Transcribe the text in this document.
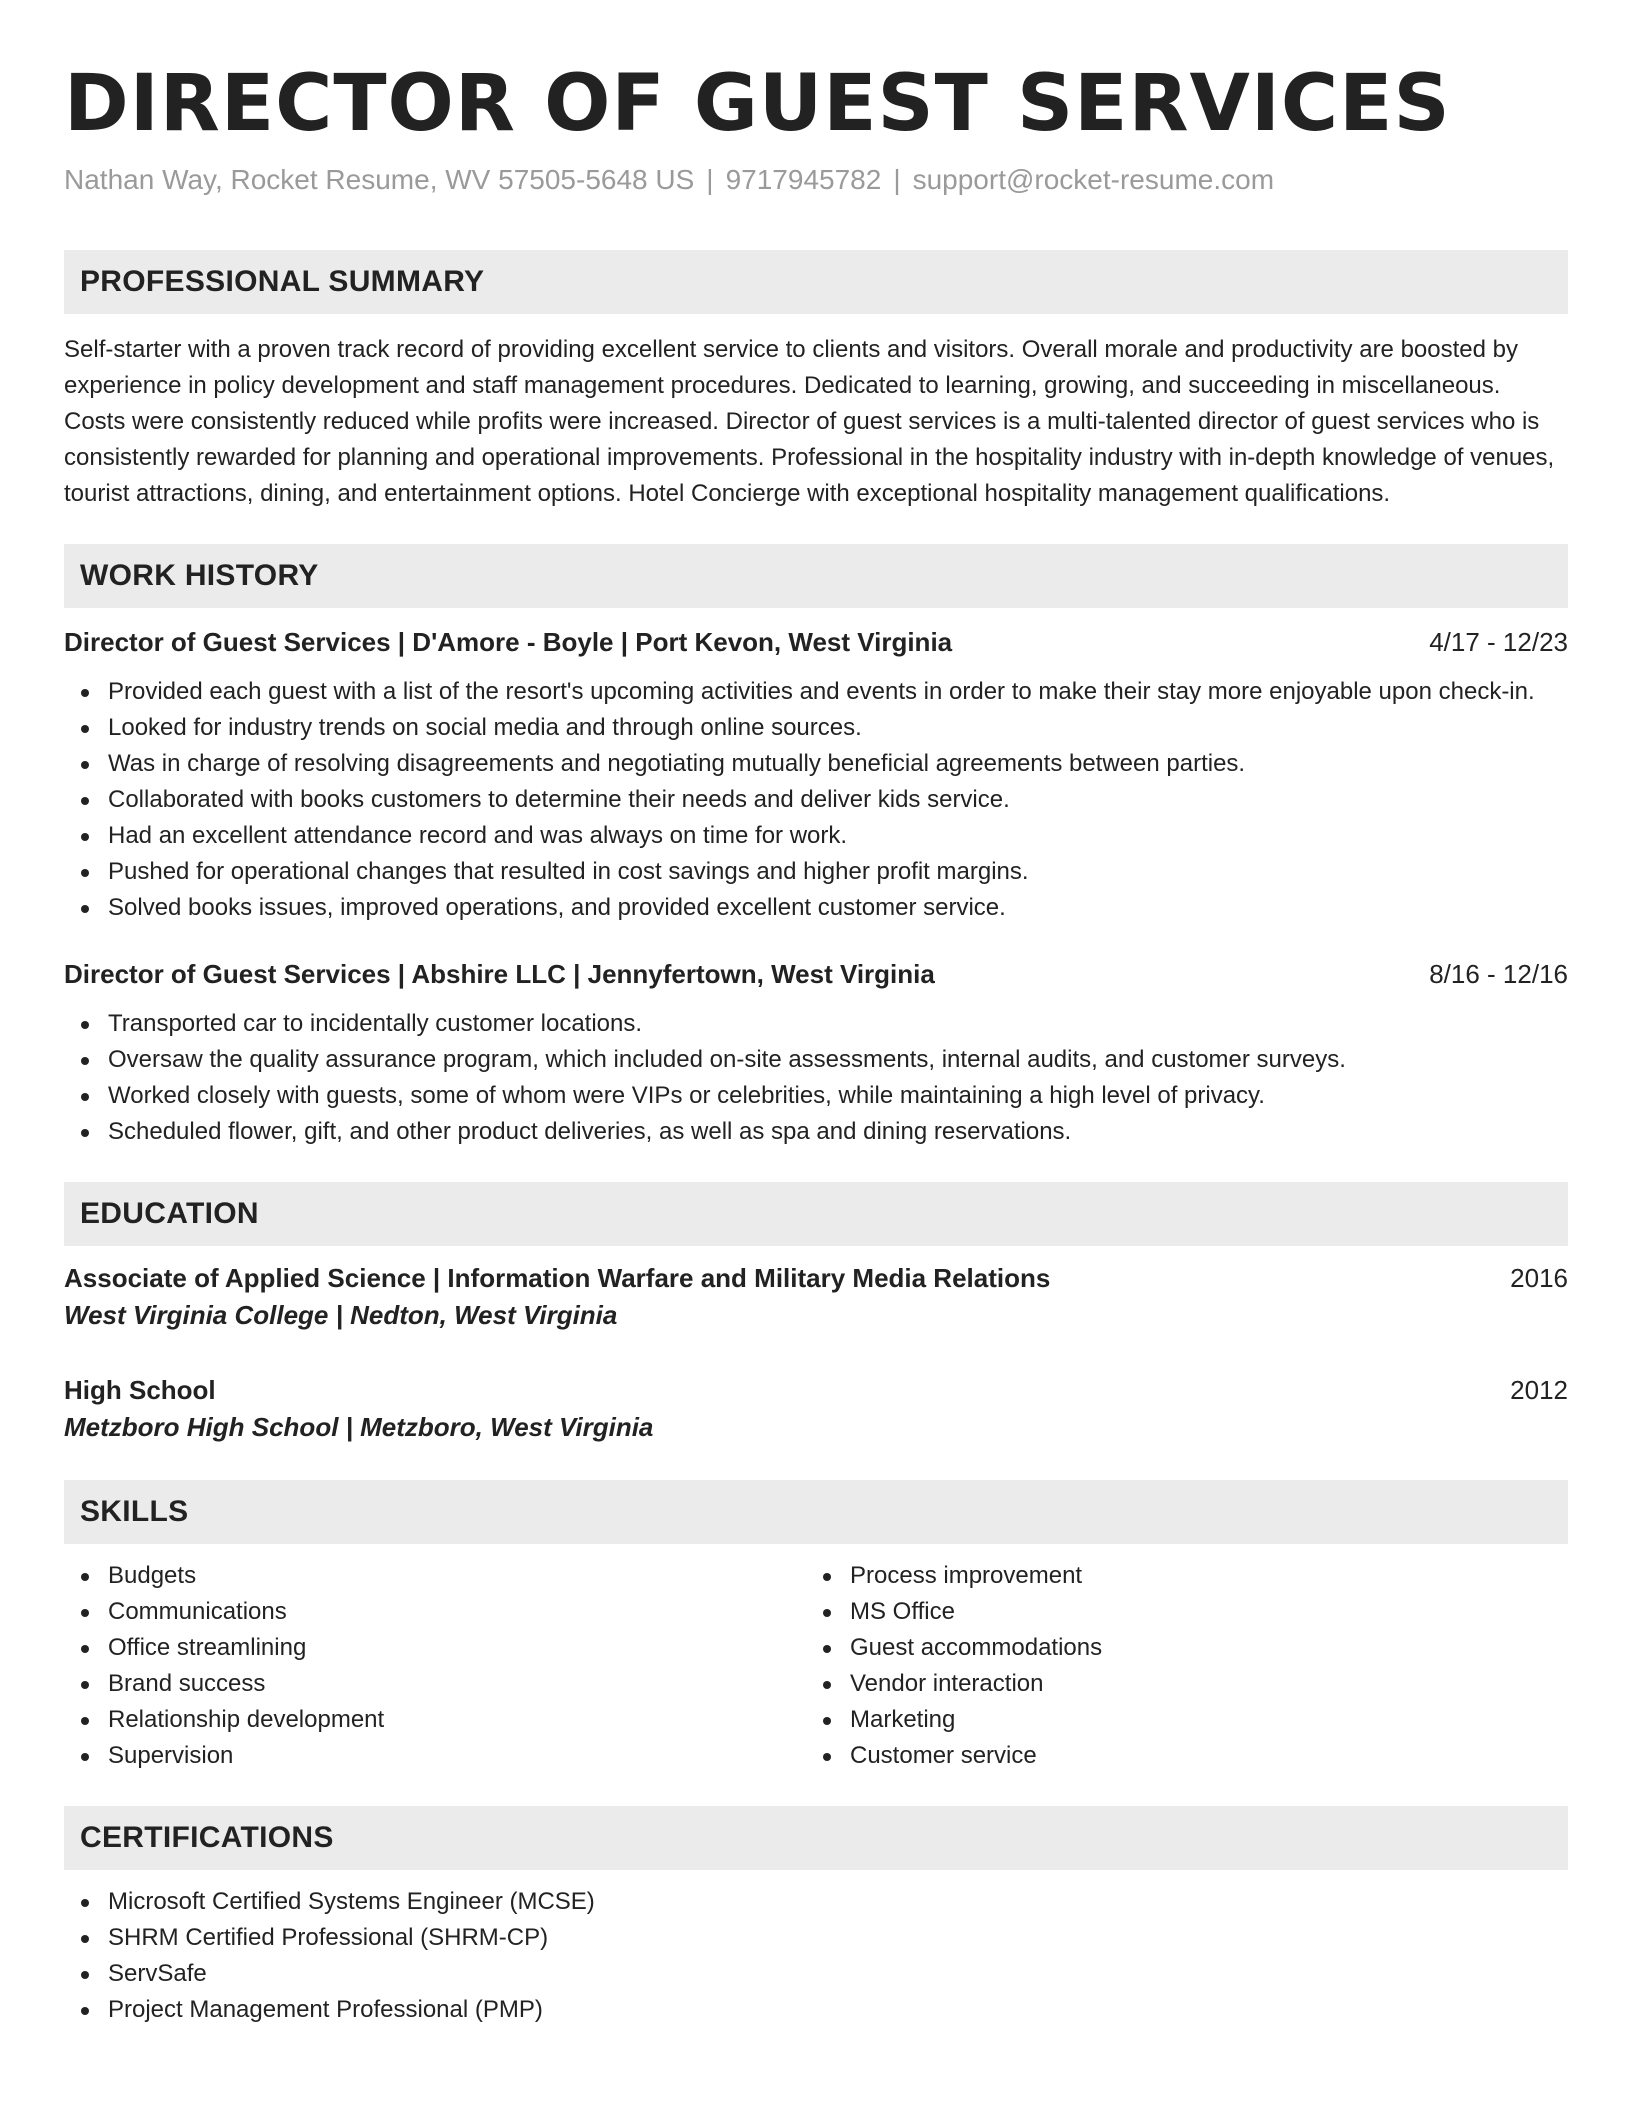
DIRECTOR OF GUEST SERVICES
Nathan Way, Rocket Resume, WV 57505-5648 US | 9717945782 | support@rocket-resume.com
PROFESSIONAL SUMMARY

Self-starter with a proven track record of providing excellent service to clients and visitors. Overall morale and productivity are boosted by experience in policy development and staff management procedures. Dedicated to learning, growing, and succeeding in miscellaneous. Costs were consistently reduced while profits were increased. Director of guest services is a multi-talented director of guest services who is consistently rewarded for planning and operational improvements. Professional in the hospitality industry with in-depth knowledge of venues, tourist attractions, dining, and entertainment options. Hotel Concierge with exceptional hospitality management qualifications.

WORK HISTORY
Director of Guest Services | D'Amore - Boyle | Port Kevon, West Virginia	4/17 - 12/23
Provided each guest with a list of the resort's upcoming activities and events in order to make their stay more enjoyable upon check-in.
Looked for industry trends on social media and through online sources.
Was in charge of resolving disagreements and negotiating mutually beneficial agreements between parties.
Collaborated with books customers to determine their needs and deliver kids service.
Had an excellent attendance record and was always on time for work.
Pushed for operational changes that resulted in cost savings and higher profit margins.
Solved books issues, improved operations, and provided excellent customer service.
Director of Guest Services | Abshire LLC | Jennyfertown, West Virginia	8/16 - 12/16
Transported car to incidentally customer locations.
Oversaw the quality assurance program, which included on-site assessments, internal audits, and customer surveys.
Worked closely with guests, some of whom were VIPs or celebrities, while maintaining a high level of privacy.
Scheduled flower, gift, and other product deliveries, as well as spa and dining reservations.
EDUCATION
Associate of Applied Science | Information Warfare and Military Media Relations	2016
West Virginia College | Nedton, West Virginia
High School	2012
Metzboro High School | Metzboro, West Virginia
SKILLS
Budgets
Communications
Office streamlining
Brand success
Relationship development
Supervision
Process improvement
MS Office
Guest accommodations
Vendor interaction
Marketing
Customer service
CERTIFICATIONS
Microsoft Certified Systems Engineer (MCSE)
SHRM Certified Professional (SHRM-CP)
ServSafe
Project Management Professional (PMP)
